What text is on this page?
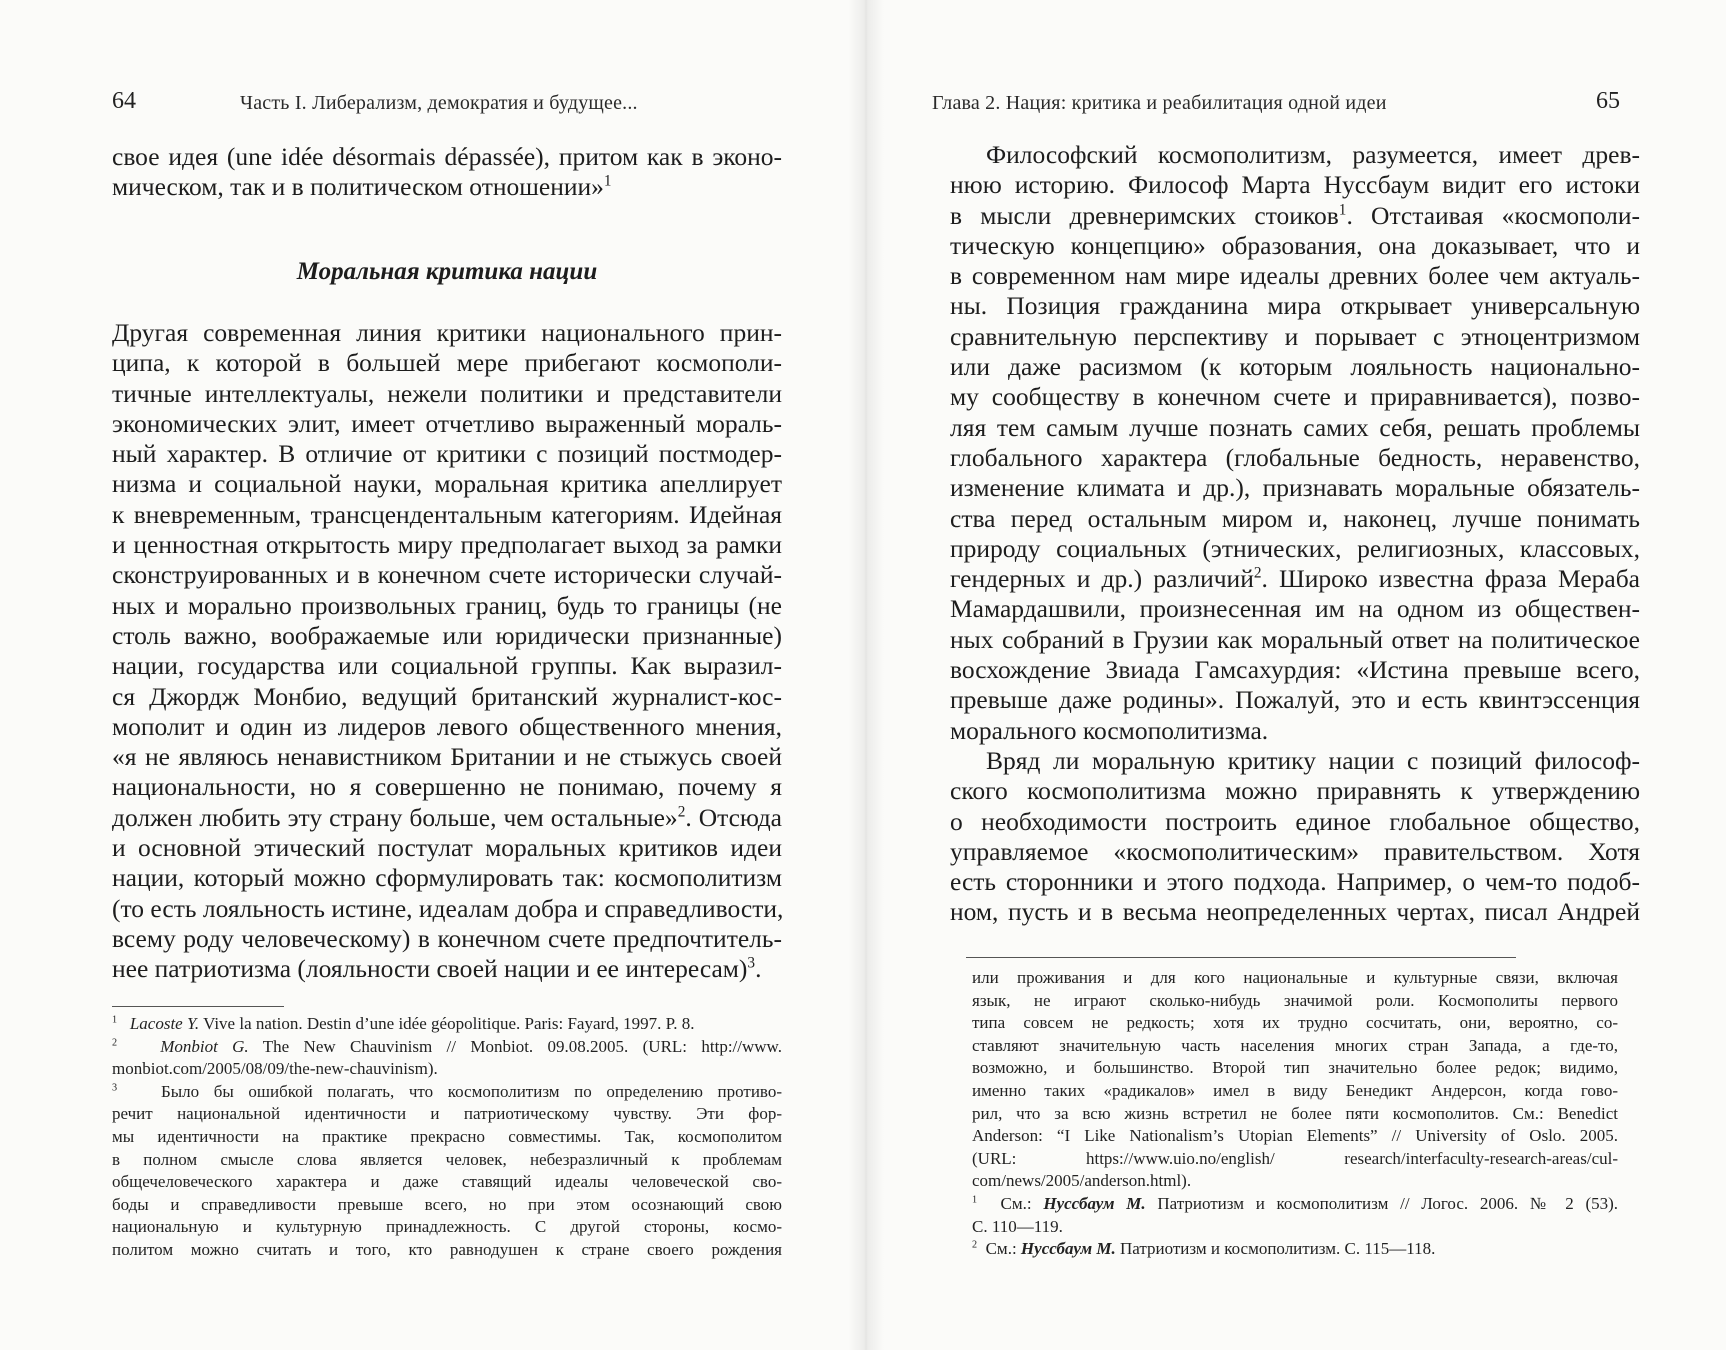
64	Часть I. Либерализм, демократия и будущее...

свое идея (une idée désormais dépassée), притом как в эконо-
мическом, так и в политическом отношении»$^1$

Моральная критика нации

Другая современная линия критики национального прин-
ципа, к которой в большей мере прибегают космополи-
тичные интеллектуалы, нежели политики и представители
экономических элит, имеет отчетливо выраженный мораль-
ный характер. В отличие от критики с позиций постмодер-
низма и социальной науки, моральная критика апеллирует
к вневременным, трансцендентальным категориям. Идейная
и ценностная открытость миру предполагает выход за рамки
сконструированных и в конечном счете исторически случай-
ных и морально произвольных границ, будь то границы (не
столь важно, воображаемые или юридически признанные)
нации, государства или социальной группы. Как выразил-
ся Джордж Монбио, ведущий британский журналист-кос-
мополит и один из лидеров левого общественного мнения,
«я не являюсь ненавистником Британии и не стыжусь своей
национальности, но я совершенно не понимаю, почему я
должен любить эту страну больше, чем остальные»$^2$. Отсюда
и основной этический постулат моральных критиков идеи
нации, который можно сформулировать так: космополитизм
(то есть лояльность истине, идеалам добра и справедливости,
всему роду человеческому) в конечном счете предпочтитель-
нее патриотизма (лояльности своей нации и ее интересам)$^3$.

$^1$ Lacoste Y. Vive la nation. Destin d’une idée géopolitique. Paris: Fayard, 1997. P. 8.
$^2$	Monbiot G. The New Chauvinism // Monbiot. 09.08.2005. (URL: http://www.
monbiot.com/2005/08/09/the-new-chauvinism).
$^3$	Было бы ошибкой полагать, что космополитизм по определению противо-
речит национальной идентичности и патриотическому чувству. Эти фор-
мы идентичности на практике прекрасно совместимы. Так, космополитом
в полном смысле слова является человек, небезразличный к проблемам
общечеловеческого характера и даже ставящий идеалы человеческой сво-
боды и справедливости превыше всего, но при этом осознающий свою
национальную и культурную принадлежность. С другой стороны, космо-
политом можно считать и того, кто равнодушен к стране своего рождения
Глава 2. Нация: критика и реабилитация одной идеи	65

Философский космополитизм, разумеется, имеет древ-
нюю историю. Философ Марта Нуссбаум видит его истоки
в мысли древнеримских стоиков$^1$. Отстаивая «космополи-
тическую концепцию» образования, она доказывает, что и
в современном нам мире идеалы древних более чем актуаль-
ны. Позиция гражданина мира открывает универсальную
сравнительную перспективу и порывает с этноцентризмом
или даже расизмом (к которым лояльность национально-
му сообществу в конечном счете и приравнивается), позво-
ляя тем самым лучше познать самих себя, решать проблемы
глобального характера (глобальные бедность, неравенство,
изменение климата и др.), признавать моральные обязатель-
ства перед остальным миром и, наконец, лучше понимать
природу социальных (этнических, религиозных, классовых,
гендерных и др.) различий$^2$. Широко известна фраза Мераба
Мамардашвили, произнесенная им на одном из обществен-
ных собраний в Грузии как моральный ответ на политическое
восхождение Звиада Гамсахурдия: «Истина превыше всего,
превыше даже родины». Пожалуй, это и есть квинтэссенция
морального космополитизма.

Вряд ли моральную критику нации с позиций философ-
ского космополитизма можно приравнять к утверждению
о необходимости построить единое глобальное общество,
управляемое «космополитическим» правительством. Хотя
есть сторонники и этого подхода. Например, о чем-то подоб-
ном, пусть и в весьма неопределенных чертах, писал Андрей

или проживания и для кого национальные и культурные связи, включая
язык, не играют сколько-нибудь значимой роли. Космополиты первого
типа совсем не редкость; хотя их трудно сосчитать, они, вероятно, со-
ставляют значительную часть населения многих стран Запада, а где-то,
возможно, и большинство. Второй тип значительно более редок; видимо,
именно таких «радикалов» имел в виду Бенедикт Андерсон, когда гово-
рил, что за всю жизнь встретил не более пяти космополитов. См.: Benedict
Anderson: “I Like Nationalism’s Utopian Elements” // University of Oslo. 2005.
(URL: https://www.uio.no/english/ research/interfaculty-research-areas/cul-
com/news/2005/anderson.html).
$^1$ См.: Нуссбаум М. Патриотизм и космополитизм // Логос. 2006. № 2 (53).
С. 110—119.
$^2$ См.: Нуссбаум М. Патриотизм и космополитизм. С. 115—118.
